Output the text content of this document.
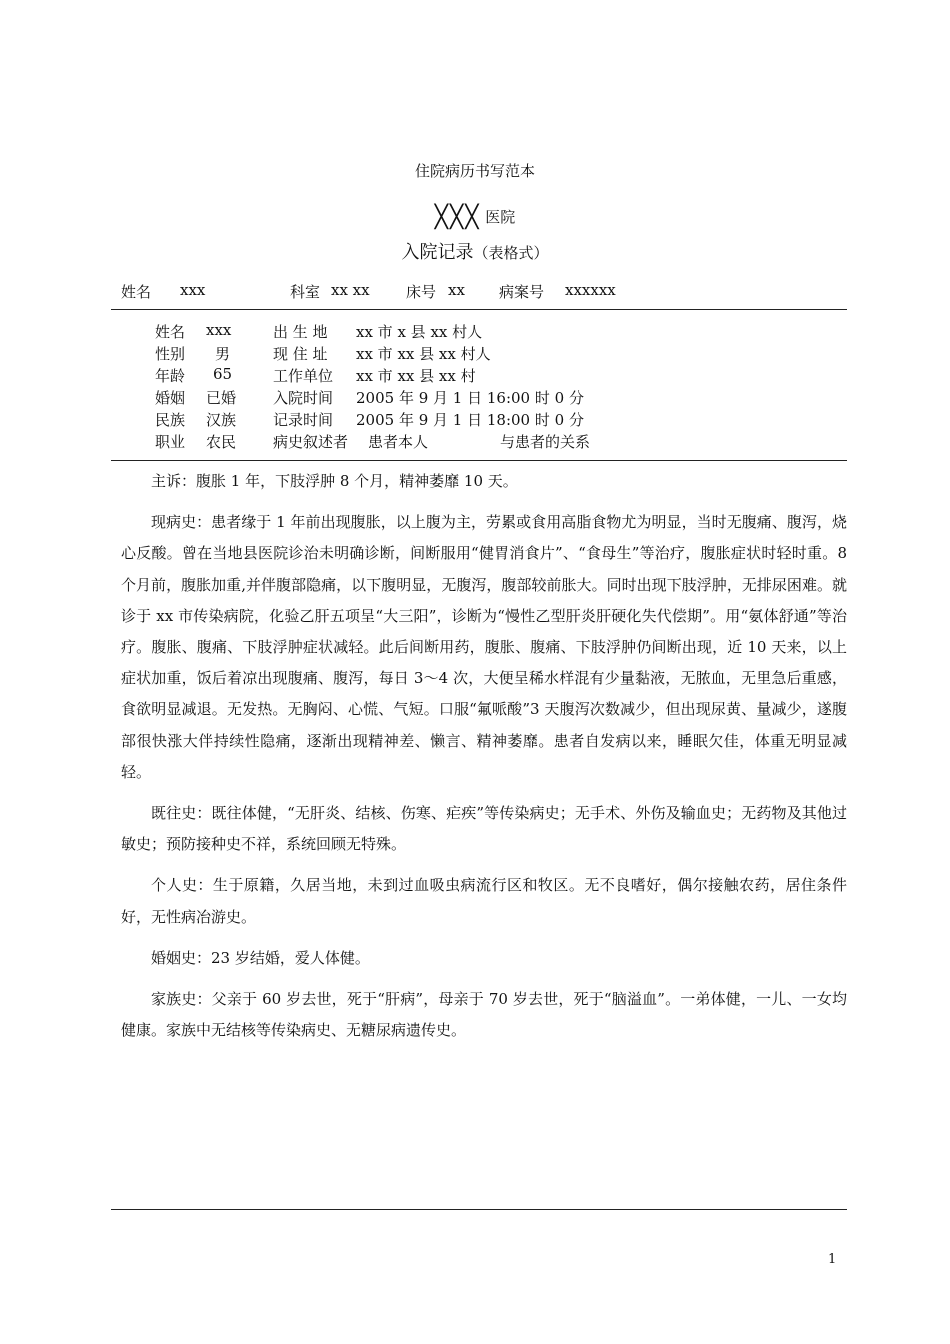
住院病历书写范本
╳╳╳ 医院
入院记录（表格式）
姓名 xxx	科室 xx xx 床号 xx 病案号 xxxxxx
姓名 xxx	出 生 地 xx 市 x 县 xx 村人
性别 男	现 住 址 xx 市 xx 县 xx 村人
年龄 65	工作单位 xx 市 xx 县 xx 村
婚姻 已婚 入院时间 2005 年 9 月 1 日 16:00 时 0 分
民族 汉族 记录时间 2005 年 9 月 1 日 18:00 时 0 分
职业 农民 病史叙述者 患者本人	与患者的关系

主诉：腹胀 1 年，下肢浮肿 8 个月，精神萎靡 10 天。

现病史：患者缘于 1 年前出现腹胀，以上腹为主，劳累或食用高脂食物尤为明显，当时无腹痛、腹泻，烧心反酸。曾在当地县医院诊治未明确诊断，间断服用“健胃消食片”、“食母生”等治疗，腹胀症状时轻时重。8 个月前，腹胀加重,并伴腹部隐痛，以下腹明显，无腹泻，腹部较前胀大。同时出现下肢浮肿，无排尿困难。就诊于 xx 市传染病院，化验乙肝五项呈“大三阳”，诊断为“慢性乙型肝炎肝硬化失代偿期”。用“氨体舒通”等治疗。腹胀、腹痛、下肢浮肿症状减轻。此后间断用药，腹胀、腹痛、下肢浮肿仍间断出现，近 10 天来，以上症状加重，饭后着凉出现腹痛、腹泻，每日 3～4 次，大便呈稀水样混有少量黏液，无脓血，无里急后重感，食欲明显减退。无发热。无胸闷、心慌、气短。口服“氟哌酸”3 天腹泻次数减少，但出现尿黄、量减少，遂腹部很快涨大伴持续性隐痛，逐渐出现精神差、懒言、精神萎靡。患者自发病以来，睡眠欠佳，体重无明显减轻。

既往史：既往体健，“无肝炎、结核、伤寒、疟疾”等传染病史；无手术、外伤及输血史；无药物及其他过敏史；预防接种史不祥，系统回顾无特殊。

个人史：生于原籍，久居当地，未到过血吸虫病流行区和牧区。无不良嗜好，偶尔接触农药，居住条件好，无性病冶游史。

婚姻史：23 岁结婚，爱人体健。

家族史：父亲于 60 岁去世，死于“肝病”，母亲于 70 岁去世，死于“脑溢血”。一弟体健，一儿、一女均健康。家族中无结核等传染病史、无糖尿病遗传史。

1
